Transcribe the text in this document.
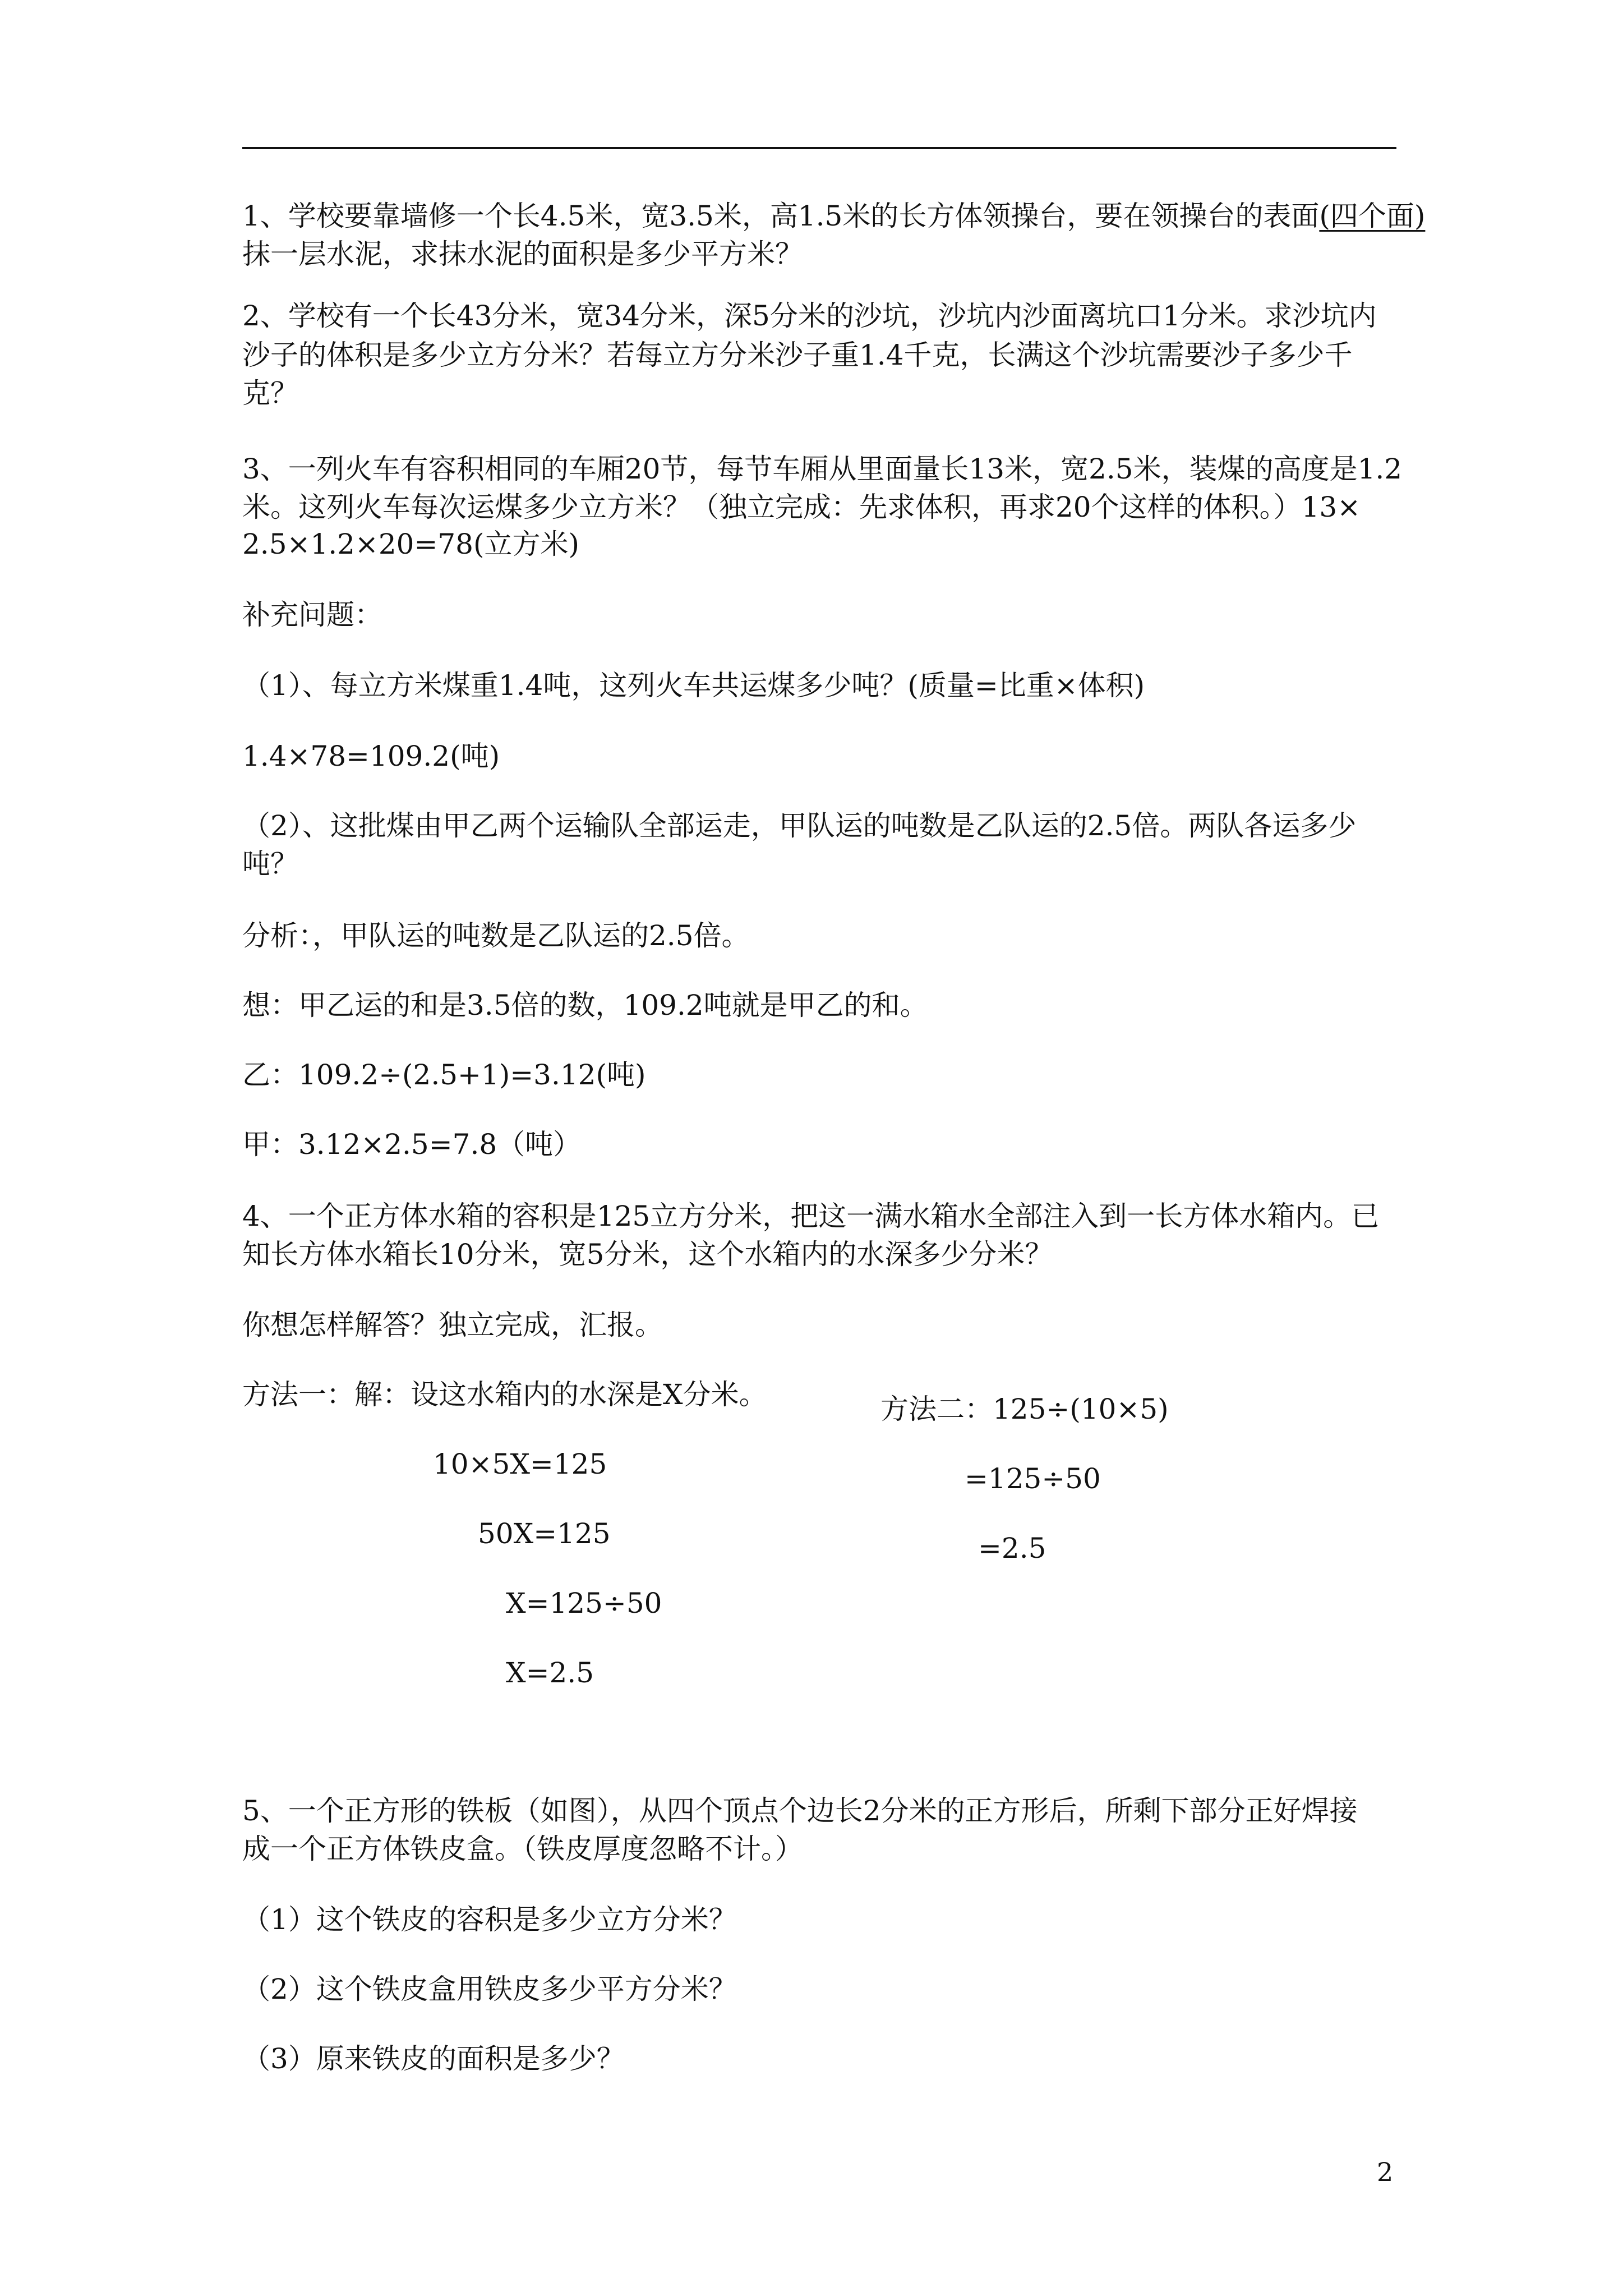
1、学校要靠墙修一个长4.5米，宽3.5米，高1.5米的长方体领操台，要在领操台的表面(四个面)
抹一层水泥，求抹水泥的面积是多少平方米？
2、学校有一个长43分米，宽34分米，深5分米的沙坑，沙坑内沙面离坑口1分米。求沙坑内
沙子的体积是多少立方分米？若每立方分米沙子重1.4千克，长满这个沙坑需要沙子多少千
克？
3、一列火车有容积相同的车厢20节，每节车厢从里面量长13米，宽2.5米，装煤的高度是1.2
米。这列火车每次运煤多少立方米？（独立完成：先求体积，再求20个这样的体积。）13×
2.5×1.2×20=78(立方米)
补充问题：
（1）、每立方米煤重1.4吨，这列火车共运煤多少吨？(质量=比重×体积)
1.4×78=109.2(吨)
（2）、这批煤由甲乙两个运输队全部运走，甲队运的吨数是乙队运的2.5倍。两队各运多少
吨？
分析：，甲队运的吨数是乙队运的2.5倍。
想：甲乙运的和是3.5倍的数，109.2吨就是甲乙的和。
乙：109.2÷(2.5+1)=3.12(吨)
甲：3.12×2.5=7.8（吨）
4、一个正方体水箱的容积是125立方分米，把这一满水箱水全部注入到一长方体水箱内。已
知长方体水箱长10分米，宽5分米，这个水箱内的水深多少分米？
你想怎样解答？独立完成，汇报。
方法一：解：设这水箱内的水深是X分米。
10×5X=125
50X=125
X=125÷50
X=2.5
方法二：125÷(10×5)
=125÷50
=2.5
5、一个正方形的铁板（如图），从四个顶点个边长2分米的正方形后，所剩下部分正好焊接
成一个正方体铁皮盒。（铁皮厚度忽略不计。）
（1）这个铁皮的容积是多少立方分米？
（2）这个铁皮盒用铁皮多少平方分米？
（3）原来铁皮的面积是多少？
2
